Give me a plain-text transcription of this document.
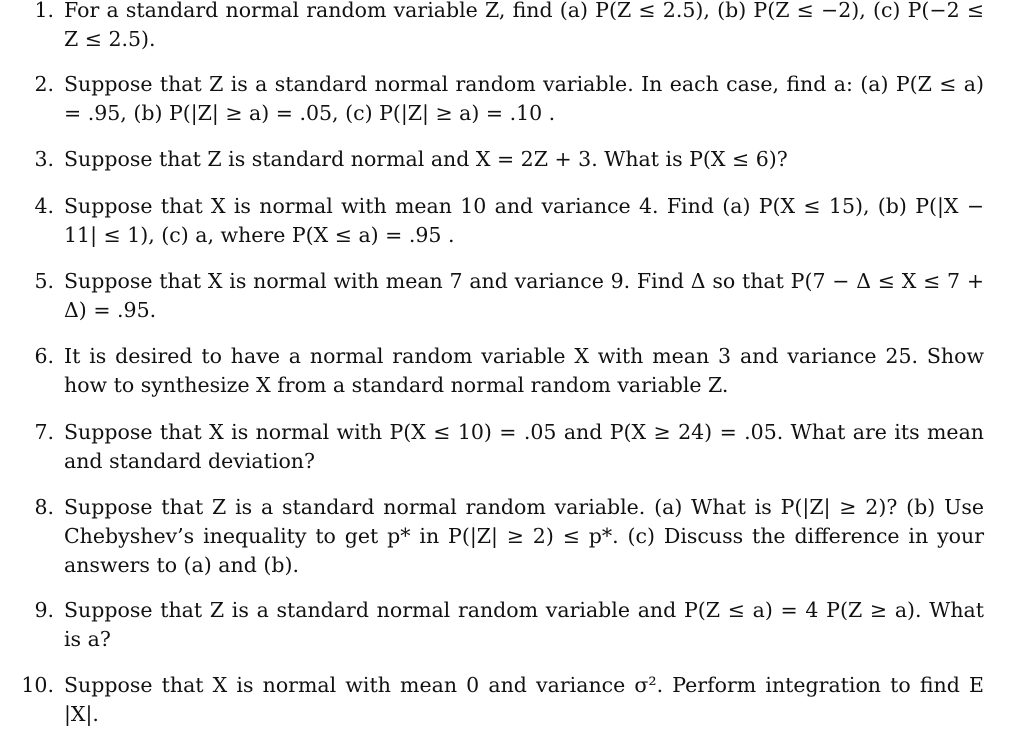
1. For a standard normal random variable Z, find (a) P(Z ≤ 2.5), (b) P(Z ≤ −2), (c) P(−2 ≤ Z ≤ 2.5).
2. Suppose that Z is a standard normal random variable. In each case, find a: (a) P(Z ≤ a) = .95, (b) P(|Z| ≥ a) = .05, (c) P(|Z| ≥ a) = .10 .
3. Suppose that Z is standard normal and X = 2Z + 3. What is P(X ≤ 6)?
4. Suppose that X is normal with mean 10 and variance 4. Find (a) P(X ≤ 15), (b) P(|X − 11| ≤ 1), (c) a, where P(X ≤ a) = .95 .
5. Suppose that X is normal with mean 7 and variance 9. Find Δ so that P(7 − Δ ≤ X ≤ 7 + Δ) = .95.
6. It is desired to have a normal random variable X with mean 3 and variance 25. Show how to synthesize X from a standard normal random variable Z.
7. Suppose that X is normal with P(X ≤ 10) = .05 and P(X ≥ 24) = .05. What are its mean and standard deviation?
8. Suppose that Z is a standard normal random variable. (a) What is P(|Z| ≥ 2)? (b) Use Chebyshev’s inequality to get p* in P(|Z| ≥ 2) ≤ p*. (c) Discuss the difference in your answers to (a) and (b).
9. Suppose that Z is a standard normal random variable and P(Z ≤ a) = 4 P(Z ≥ a). What is a?
10. Suppose that X is normal with mean 0 and variance σ². Perform integration to find E |X|.
